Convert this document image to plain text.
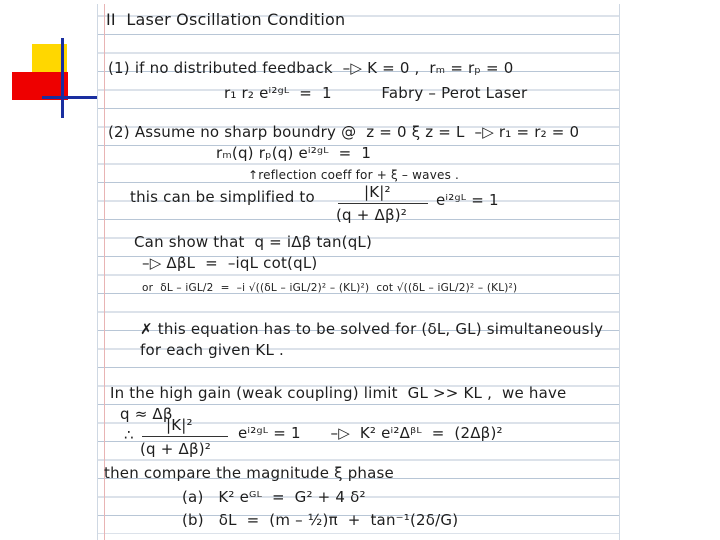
II  Laser Oscillation Condition
(1) if no distributed feedback  –▷ K = 0 ,  rₘ = rₚ = 0
r₁ r₂ eⁱ²ᵍᴸ  =  1          Fabry – Perot Laser
(2) Assume no sharp boundry @  z = 0 ξ z = L  –▷ r₁ = r₂ = 0
rₘ(q) rₚ(q) eⁱ²ᵍᴸ  =  1
↑reflection coeff for + ξ – waves .
this can be simplified to	|K|²
(q + Δβ)²
eⁱ²ᵍᴸ = 1
Can show that  q = iΔβ tan(qL)
–▷ ΔβL  =  –iqL cot(qL)
or  δL – iGL/2  =  –i √((δL – iGL/2)² – (KL)²)  cot √((δL – iGL/2)² – (KL)²)
✗ this equation has to be solved for (δL, GL) simultaneously
for each given KL .
In the high gain (weak coupling) limit  GL >> KL ,  we have
q ≈ Δβ
∴
|K|²
(q + Δβ)²
eⁱ²ᵍᴸ = 1      –▷  K² eⁱ²Δᵝᴸ  =  (2Δβ)²
then compare the magnitude ξ phase
(a)   K² eᴳᴸ  =  G² + 4 δ²
(b)   δL  =  (m – ½)π  +  tan⁻¹(2δ/G)
